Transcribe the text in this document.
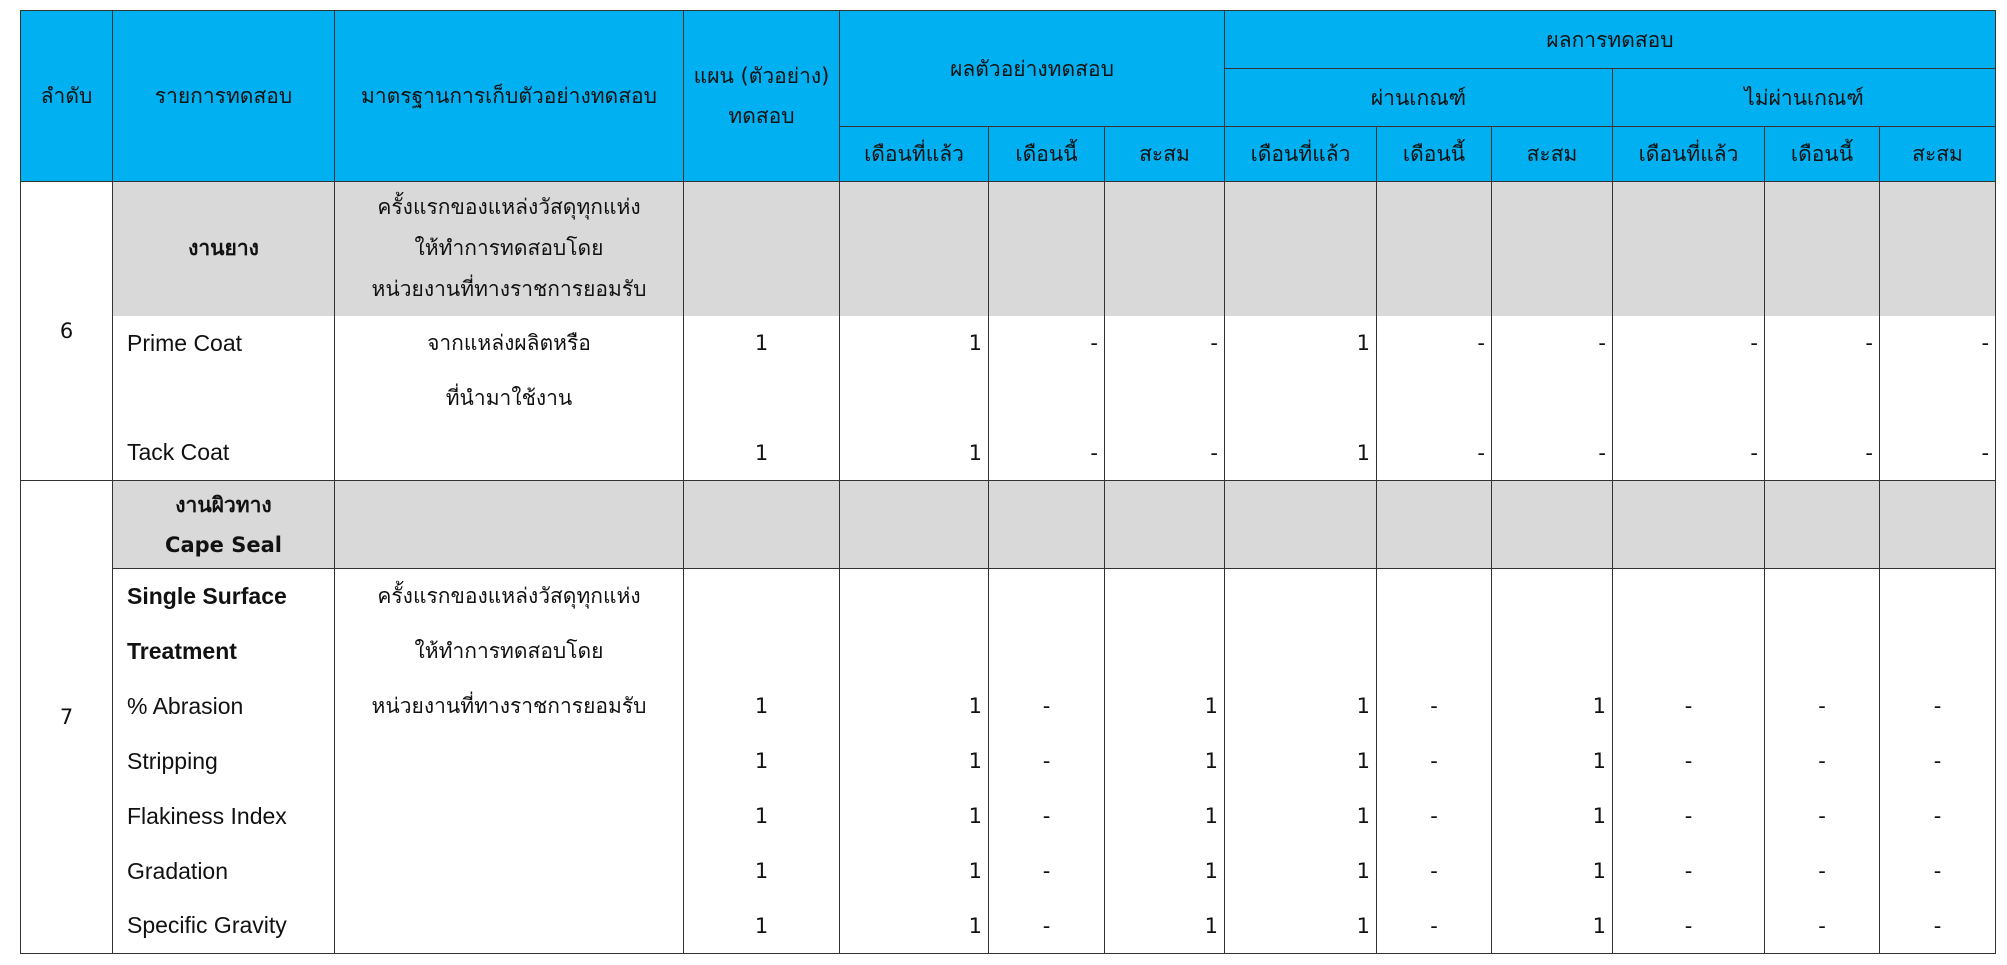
ลำดับ	รายการทดสอบ	มาตรฐานการเก็บตัวอย่างทดสอบ	แผน (ตัวอย่าง) ทดสอบ	ผลตัวอย่างทดสอบ			ผลการทดสอบ					
							ผ่านเกณฑ์			ไม่ผ่านเกณฑ์		
				เดือนที่แล้ว	เดือนนี้	สะสม	เดือนที่แล้ว	เดือนนี้	สะสม	เดือนที่แล้ว	เดือนนี้	สะสม
6	งานยาง	ครั้งแรกของแหล่งวัสดุทุกแห่ง
ให้ทำการทดสอบโดย
หน่วยงานที่ทางราชการยอมรับ										

	Prime Coat	จากแหล่งผลิตหรือ	1	1	-	-	1	-	-	-	-	-
		ที่นำมาใช้งาน										
	Tack Coat		1	1	-	-	1	-	-	-	-	-
7	งานผิวทาง
Cape Seal											

	Single Surface	ครั้งแรกของแหล่งวัสดุทุกแห่ง										
	Treatment	ให้ทำการทดสอบโดย										
	% Abrasion	หน่วยงานที่ทางราชการยอมรับ	1	1	-	1	1	-	1	-	-	-
	Stripping		1	1	-	1	1	-	1	-	-	-
	Flakiness Index		1	1	-	1	1	-	1	-	-	-
	Gradation		1	1	-	1	1	-	1	-	-	-
	Specific Gravity		1	1	-	1	1	-	1	-	-	-
